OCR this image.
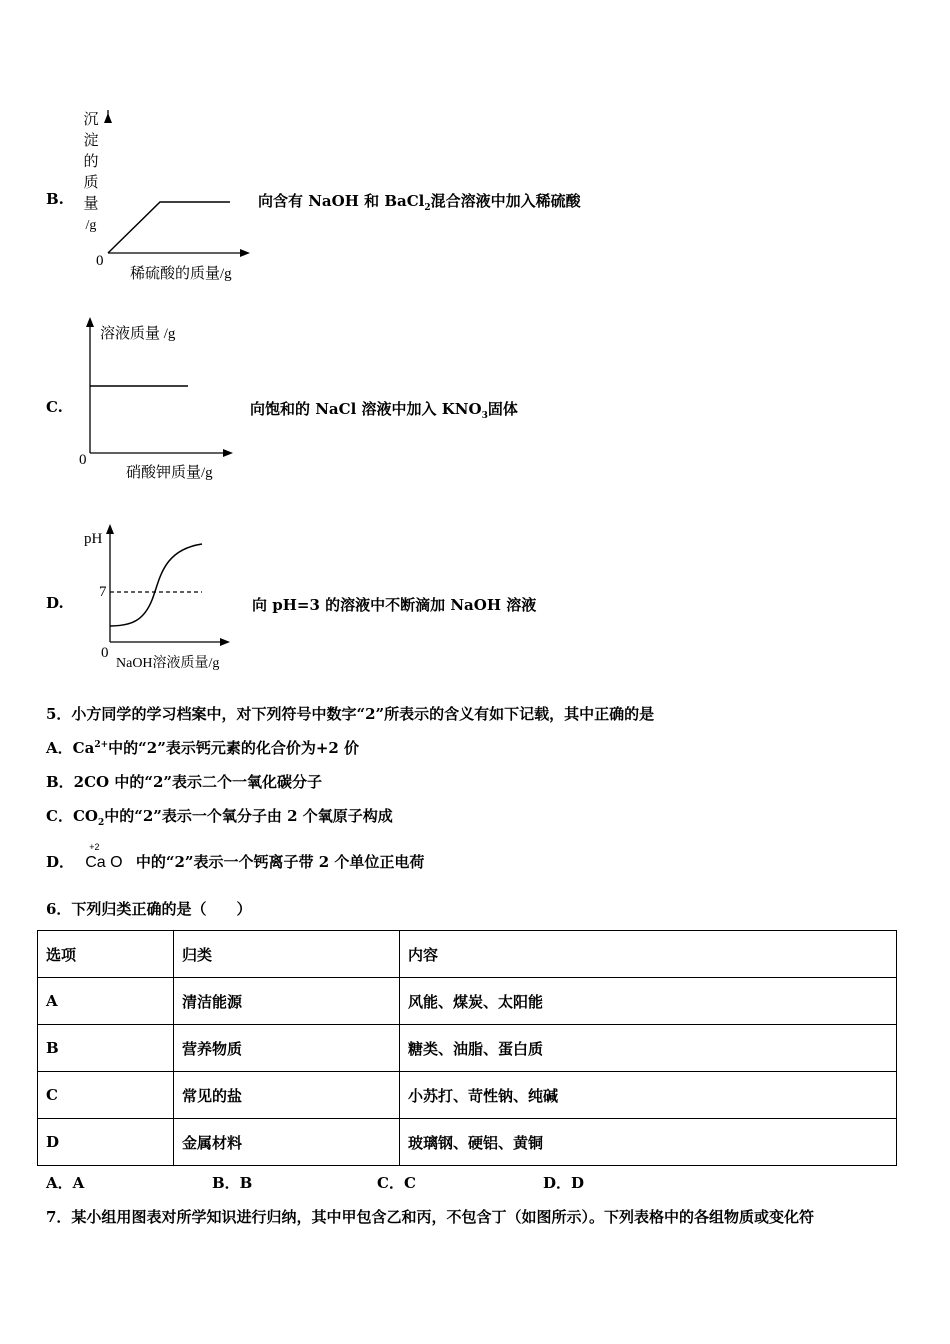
B.
沉
淀
的
质
量
/g
0
稀硫酸的质量/g
向含有 NaOH 和 BaCl$_2$混合溶液中加入稀硫酸
C.
溶液质量 /g
0
硝酸钾质量/g
向饱和的 NaCl 溶液中加入 $KNO_3$固体
D.
pH
7
0
NaOH溶液质量/g
向 pH=3 的溶液中不断滴加 NaOH 溶液
5．小方同学的学习档案中，对下列符号中数字“2”所表示的含义有如下记载，其中正确的是
A．$Ca^{2+}$中的“2”表示钙元素的化合价为+2 价
B．2CO 中的“2”表示二个一氧化碳分子
C．$CO_2$中的“2”表示一个氧分子由 2 个氧原子构成
D．
+2
Ca O 中的“2”表示一个钙离子带 2 个单位正电荷
6．下列归类正确的是（　　）
选项	归类	内容
A	清洁能源	风能、煤炭、太阳能
B	营养物质	糖类、油脂、蛋白质
C	常见的盐	小苏打、苛性钠、纯碱
D	金属材料	玻璃钢、硬铝、黄铜
A．A	B．B	C．C	D．D
7．某小组用图表对所学知识进行归纳，其中甲包含乙和丙，不包含丁（如图所示）。下列表格中的各组物质或变化符
